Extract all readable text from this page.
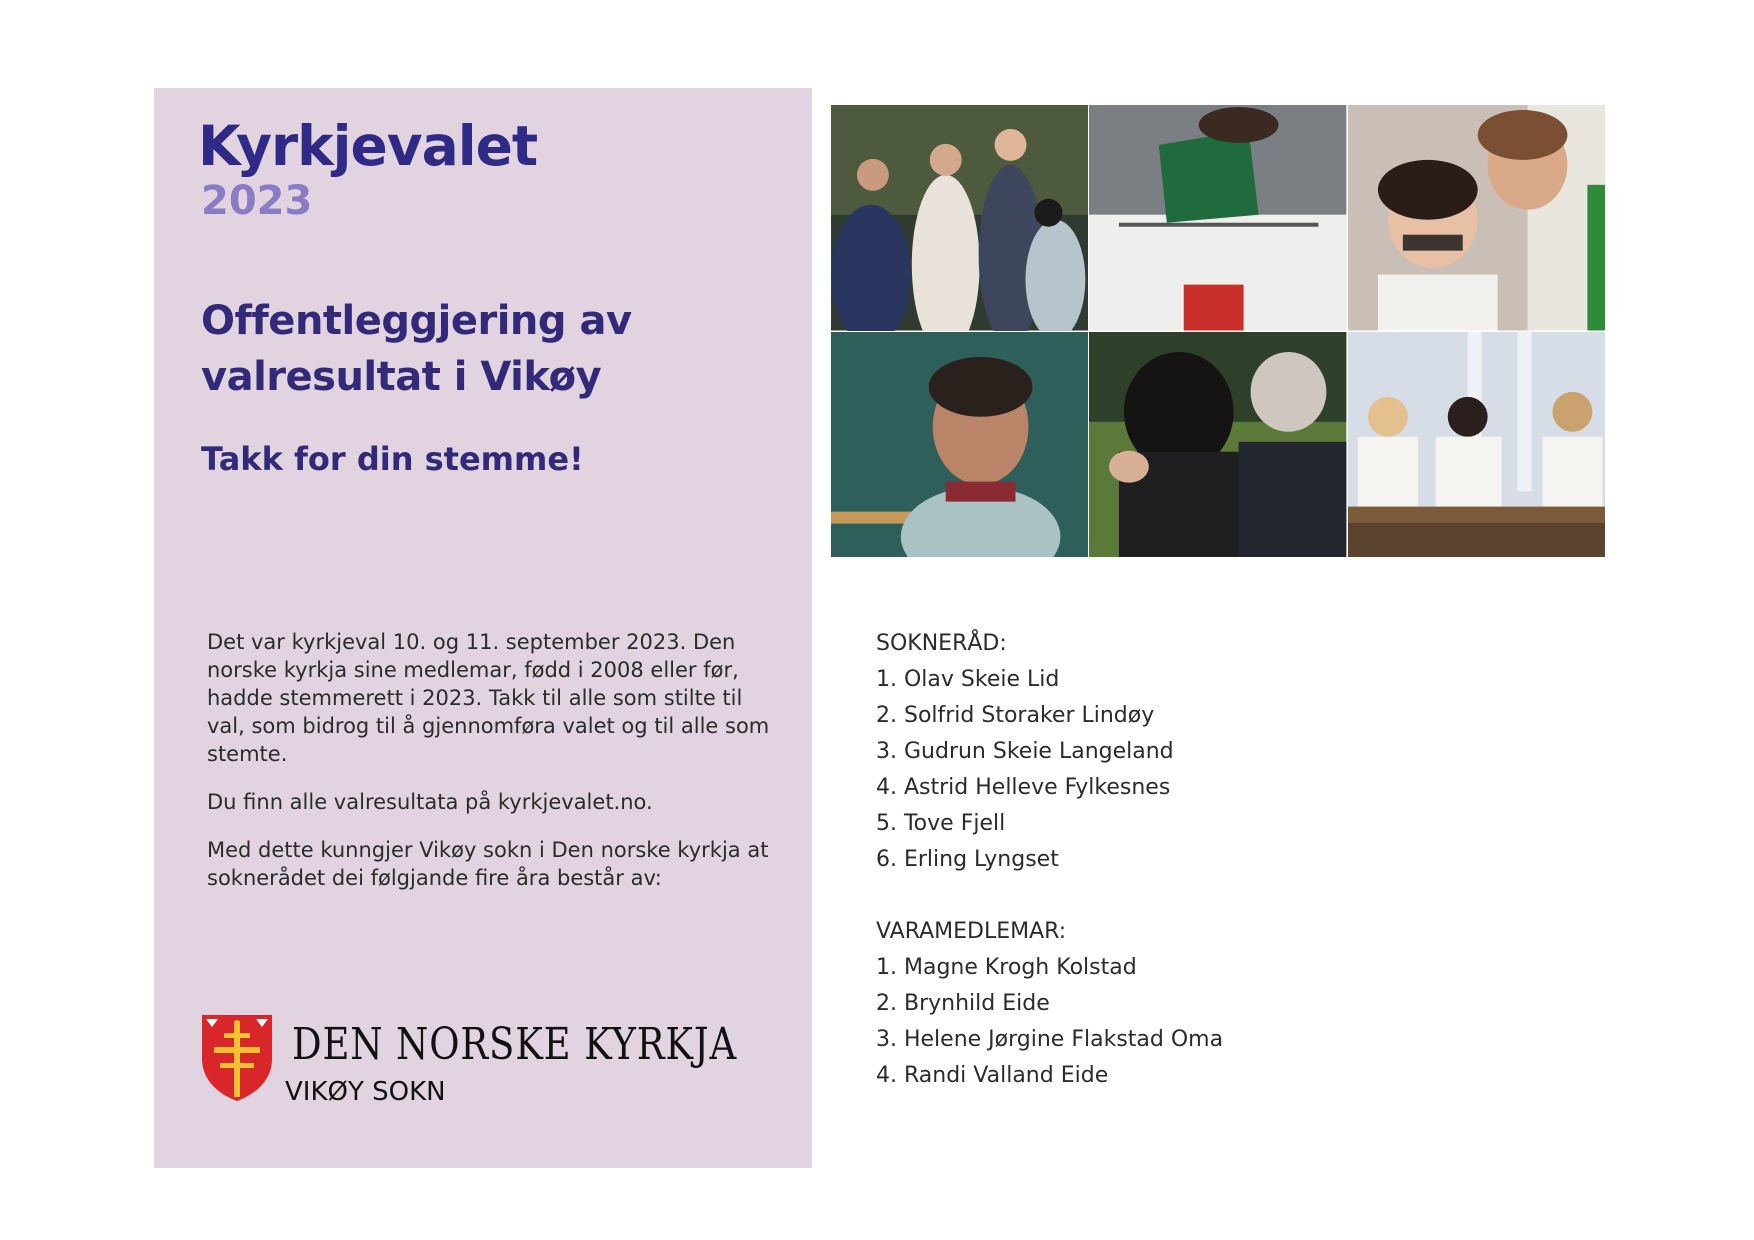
Kyrkjevalet
2023
Offentleggjering av
valresultat i Vikøy
Takk for din stemme!

Det var kyrkjeval 10. og 11. september 2023. Den norske kyrkja sine medlemar, fødd i 2008 eller før, hadde stemmerett i 2023. Takk til alle som stilte til val, som bidrog til å gjennomføra valet og til alle som stemte.

Du finn alle valresultata på kyrkjevalet.no.

Med dette kunngjer Vikøy sokn i Den norske kyrkja at soknerådet dei følgjande fire åra består av:

DEN NORSKE KYRKJA
VIKØY SOKN
SOKNERÅD:
1. Olav Skeie Lid
2. Solfrid Storaker Lindøy
3. Gudrun Skeie Langeland
4. Astrid Helleve Fylkesnes
5. Tove Fjell
6. Erling Lyngset
VARAMEDLEMAR:
1. Magne Krogh Kolstad
2. Brynhild Eide
3. Helene Jørgine Flakstad Oma
4. Randi Valland Eide
